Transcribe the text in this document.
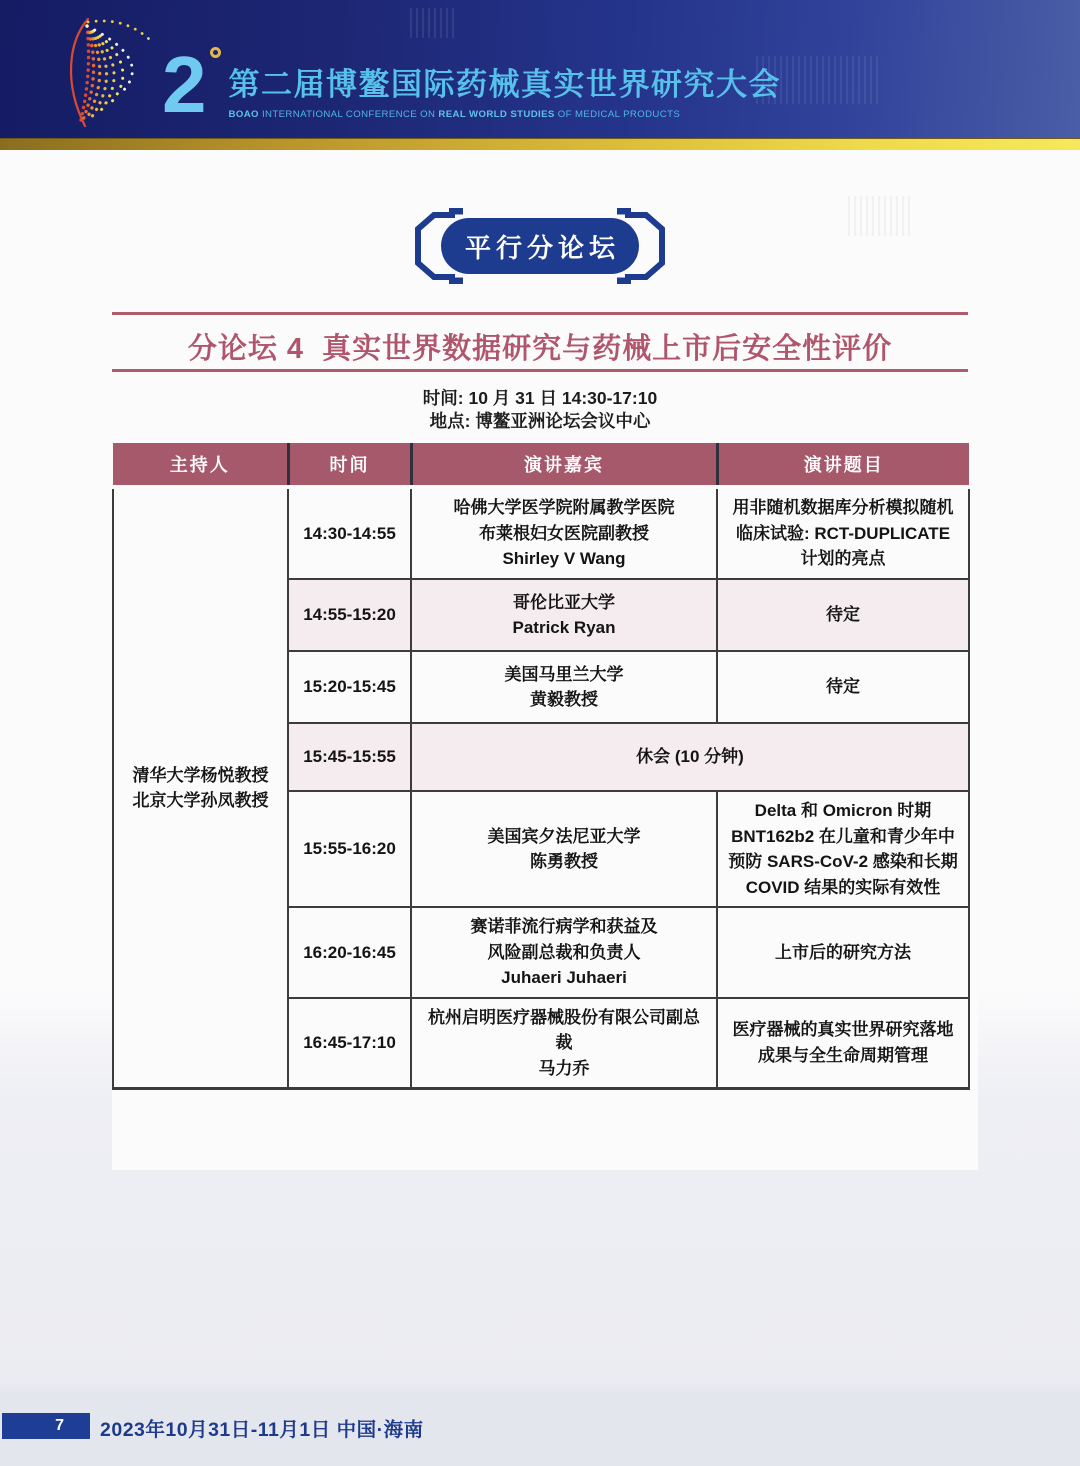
2 第二届博鳌国际药械真实世界研究大会
BOAO INTERNATIONAL CONFERENCE ON REAL WORLD STUDIES OF MEDICAL PRODUCTS
平行分论坛
分论坛 4  真实世界数据研究与药械上市后安全性评价

时间: 10 月 31 日 14:30-17:10

地点: 博鳌亚洲论坛会议中心

主持人	时间	演讲嘉宾	演讲题目
清华大学杨悦教授
北京大学孙凤教授	14:30-14:55	哈佛大学医学院附属教学医院
布莱根妇女医院副教授
Shirley V Wang	用非随机数据库分析模拟随机临床试验: RCT-DUPLICATE 计划的亮点
	14:55-15:20	哥伦比亚大学
Patrick Ryan	待定
	15:20-15:45	美国马里兰大学
黄毅教授	待定
	15:45-15:55	休会 (10 分钟)	
	15:55-16:20	美国宾夕法尼亚大学
陈勇教授	Delta 和 Omicron 时期 BNT162b2 在儿童和青少年中预防 SARS-CoV-2 感染和长期 COVID 结果的实际有效性
	16:20-16:45	赛诺菲流行病学和获益及
风险副总裁和负责人
Juhaeri Juhaeri	上市后的研究方法
	16:45-17:10	杭州启明医疗器械股份有限公司副总裁
马力乔	医疗器械的真实世界研究落地成果与全生命周期管理
7	2023年10月31日-11月1日 中国·海南
